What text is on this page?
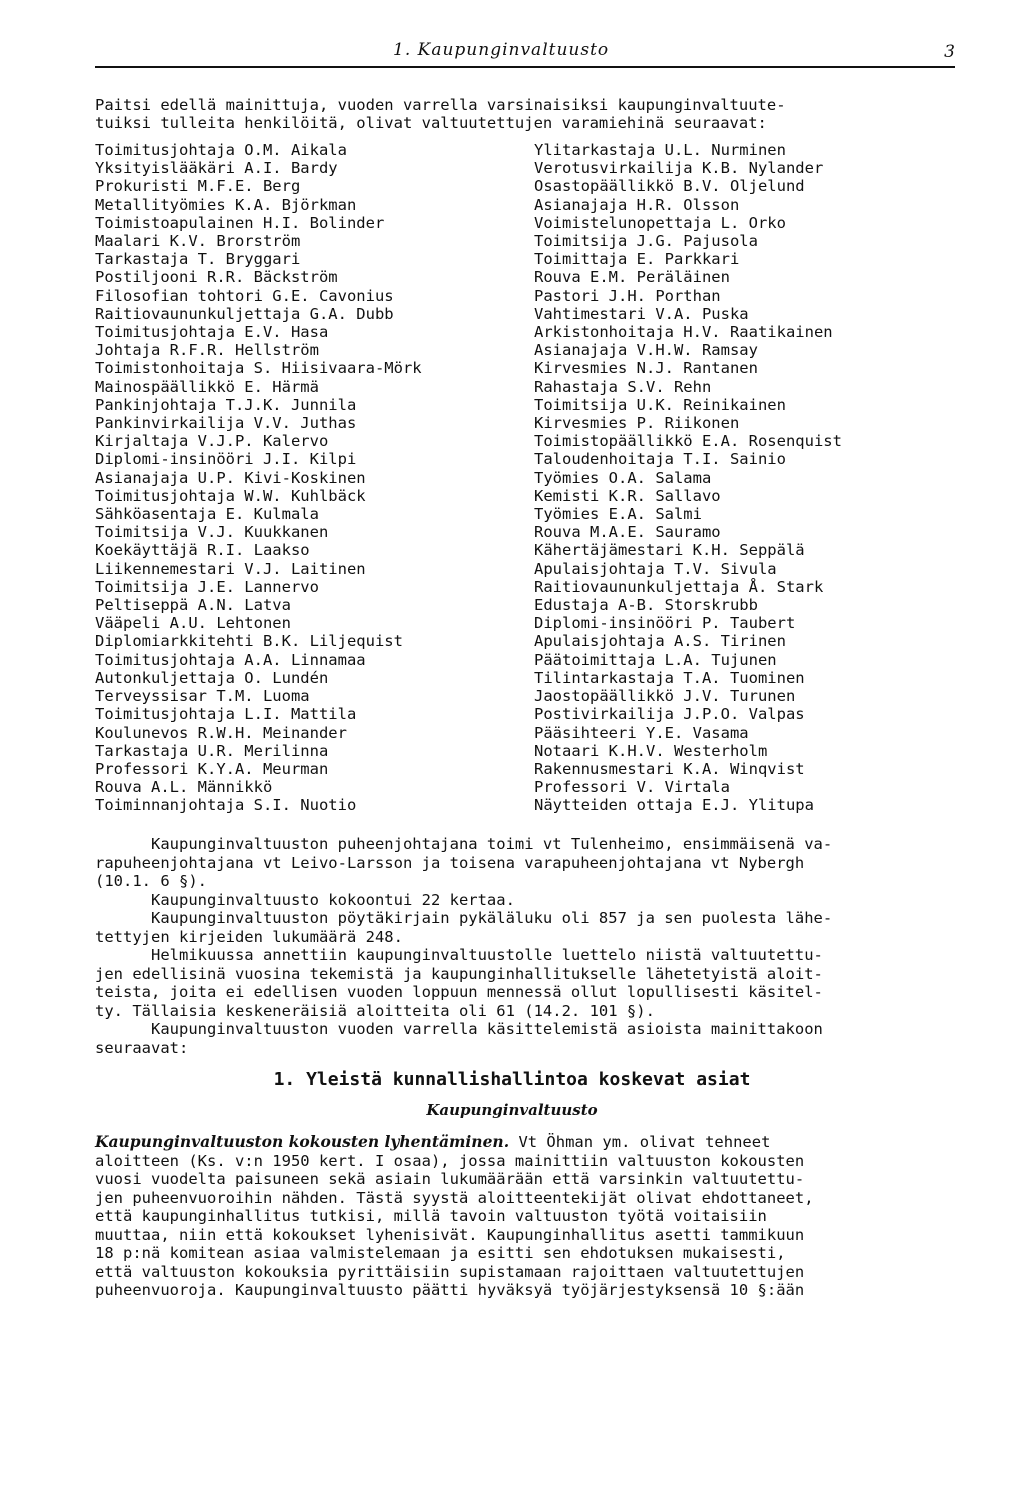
1. Kaupunginvaltuusto	3
Paitsi edellä mainittuja, vuoden varrella varsinaisiksi kaupunginvaltuute-
tuiksi tulleita henkilöitä, olivat valtuutettujen varamiehinä seuraavat:
Toimitusjohtaja O.M. Aikala
Yksityislääkäri A.I. Bardy
Prokuristi M.F.E. Berg
Metallityömies K.A. Björkman
Toimistoapulainen H.I. Bolinder
Maalari K.V. Brorström
Tarkastaja T. Bryggari
Postiljooni R.R. Bäckström
Filosofian tohtori G.E. Cavonius
Raitiovaununkuljettaja G.A. Dubb
Toimitusjohtaja E.V. Hasa
Johtaja R.F.R. Hellström
Toimistonhoitaja S. Hiisivaara-Mörk
Mainospäällikkö E. Härmä
Pankinjohtaja T.J.K. Junnila
Pankinvirkailija V.V. Juthas
Kirjaltaja V.J.P. Kalervo
Diplomi-insinööri J.I. Kilpi
Asianajaja U.P. Kivi-Koskinen
Toimitusjohtaja W.W. Kuhlbäck
Sähköasentaja E. Kulmala
Toimitsija V.J. Kuukkanen
Koekäyttäjä R.I. Laakso
Liikennemestari V.J. Laitinen
Toimitsija J.E. Lannervo
Peltiseppä A.N. Latva
Vääpeli A.U. Lehtonen
Diplomiarkkitehti B.K. Liljequist
Toimitusjohtaja A.A. Linnamaa
Autonkuljettaja O. Lundén
Terveyssisar T.M. Luoma
Toimitusjohtaja L.I. Mattila
Koulunevos R.W.H. Meinander
Tarkastaja U.R. Merilinna
Professori K.Y.A. Meurman
Rouva A.L. Männikkö
Toiminnanjohtaja S.I. Nuotio
Ylitarkastaja U.L. Nurminen
Verotusvirkailija K.B. Nylander
Osastopäällikkö B.V. Oljelund
Asianajaja H.R. Olsson
Voimistelunopettaja L. Orko
Toimitsija J.G. Pajusola
Toimittaja E. Parkkari
Rouva E.M. Peräläinen
Pastori J.H. Porthan
Vahtimestari V.A. Puska
Arkistonhoitaja H.V. Raatikainen
Asianajaja V.H.W. Ramsay
Kirvesmies N.J. Rantanen
Rahastaja S.V. Rehn
Toimitsija U.K. Reinikainen
Kirvesmies P. Riikonen
Toimistopäällikkö E.A. Rosenquist
Taloudenhoitaja T.I. Sainio
Työmies O.A. Salama
Kemisti K.R. Sallavo
Työmies E.A. Salmi
Rouva M.A.E. Sauramo
Kähertäjämestari K.H. Seppälä
Apulaisjohtaja T.V. Sivula
Raitiovaununkuljettaja Å. Stark
Edustaja A-B. Storskrubb
Diplomi-insinööri P. Taubert
Apulaisjohtaja A.S. Tirinen
Päätoimittaja L.A. Tujunen
Tilintarkastaja T.A. Tuominen
Jaostopäällikkö J.V. Turunen
Postivirkailija J.P.O. Valpas
Pääsihteeri Y.E. Vasama
Notaari K.H.V. Westerholm
Rakennusmestari K.A. Winqvist
Professori V. Virtala
Näytteiden ottaja E.J. Ylitupa
Kaupunginvaltuuston puheenjohtajana toimi vt Tulenheimo, ensimmäisenä va-
rapuheenjohtajana vt Leivo-Larsson ja toisena varapuheenjohtajana vt Nybergh
(10.1. 6 §).
Kaupunginvaltuusto kokoontui 22 kertaa.
Kaupunginvaltuuston pöytäkirjain pykäläluku oli 857 ja sen puolesta lähe-
tettyjen kirjeiden lukumäärä 248.
Helmikuussa annettiin kaupunginvaltuustolle luettelo niistä valtuutettu-
jen edellisinä vuosina tekemistä ja kaupunginhallitukselle lähetetyistä aloit-
teista, joita ei edellisen vuoden loppuun mennessä ollut lopullisesti käsitel-
ty. Tällaisia keskeneräisiä aloitteita oli 61 (14.2. 101 §).
Kaupunginvaltuuston vuoden varrella käsittelemistä asioista mainittakoon
seuraavat:
1. Yleistä kunnallishallintoa koskevat asiat
Kaupunginvaltuusto
Kaupunginvaltuuston kokousten lyhentäminen. Vt Öhman ym. olivat tehneet
aloitteen (Ks. v:n 1950 kert. I osaa), jossa mainittiin valtuuston kokousten
vuosi vuodelta paisuneen sekä asiain lukumäärään että varsinkin valtuutettu-
jen puheenvuoroihin nähden. Tästä syystä aloitteentekijät olivat ehdottaneet,
että kaupunginhallitus tutkisi, millä tavoin valtuuston työtä voitaisiin
muuttaa, niin että kokoukset lyhenisivät. Kaupunginhallitus asetti tammikuun
18 p:nä komitean asiaa valmistelemaan ja esitti sen ehdotuksen mukaisesti,
että valtuuston kokouksia pyrittäisiin supistamaan rajoittaen valtuutettujen
puheenvuoroja. Kaupunginvaltuusto päätti hyväksyä työjärjestyksensä 10 §:ään
